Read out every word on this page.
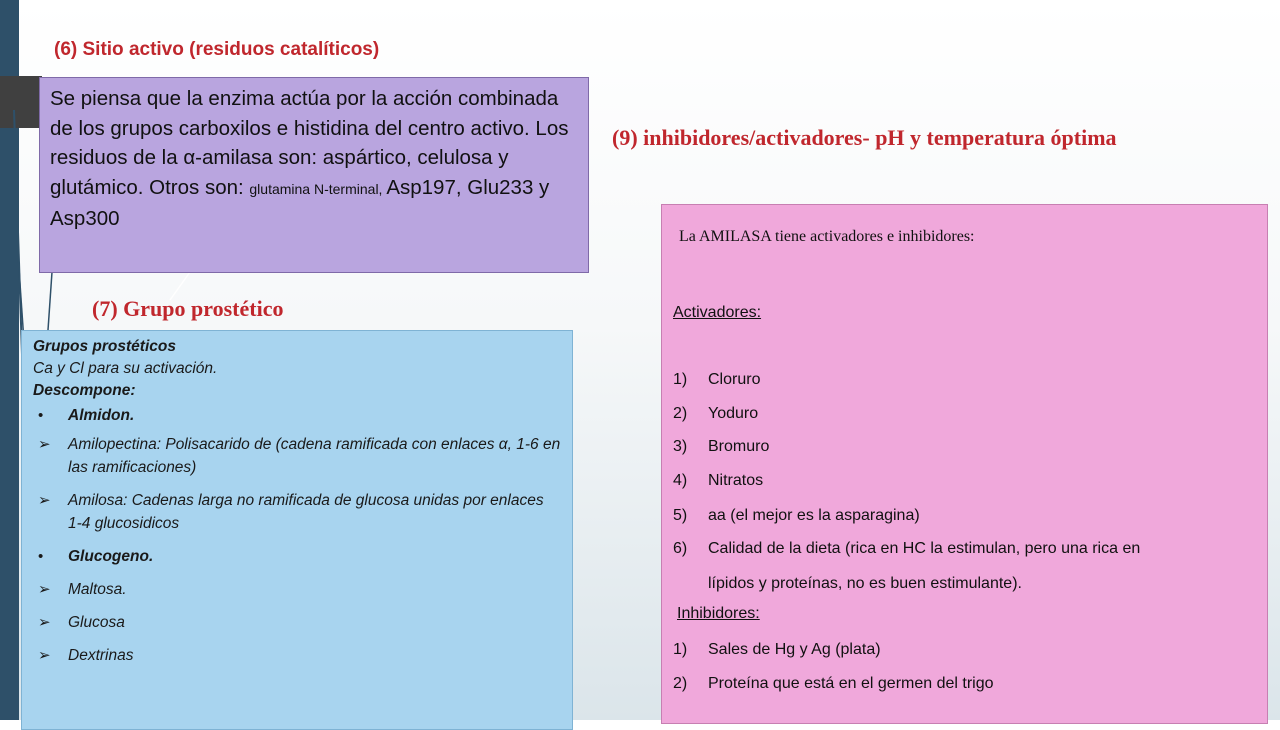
(6) Sitio activo (residuos catalíticos)
(9) inhibidores/activadores- pH y temperatura óptima
Se piensa que la enzima actúa por la acción combinada de los grupos carboxilos e histidina del centro activo. Los residuos de la α-amilasa son: aspártico, celulosa y glutámico. Otros son: glutamina N-terminal, Asp197, Glu233 y Asp300
(7) Grupo prostético
Grupos prostéticos
Ca y Cl para su activación.
Descompone:
• Almidon.
➢ Amilopectina: Polisacarido de (cadena ramificada con enlaces α, 1-6 en las ramificaciones)
➢ Amilosa: Cadenas larga no ramificada de glucosa unidas por enlaces 1-4 glucosidicos
• Glucogeno.
➢ Maltosa.
➢ Glucosa
➢ Dextrinas
La AMILASA tiene activadores e inhibidores:
Activadores:
1) Cloruro
2) Yoduro
3) Bromuro
4) Nitratos
5) aa (el mejor es la asparagina)
6) Calidad de la dieta (rica en HC la estimulan, pero una rica en
lípidos y proteínas, no es buen estimulante).
Inhibidores:
1) Sales de Hg y Ag (plata)
2) Proteína que está en el germen del trigo
